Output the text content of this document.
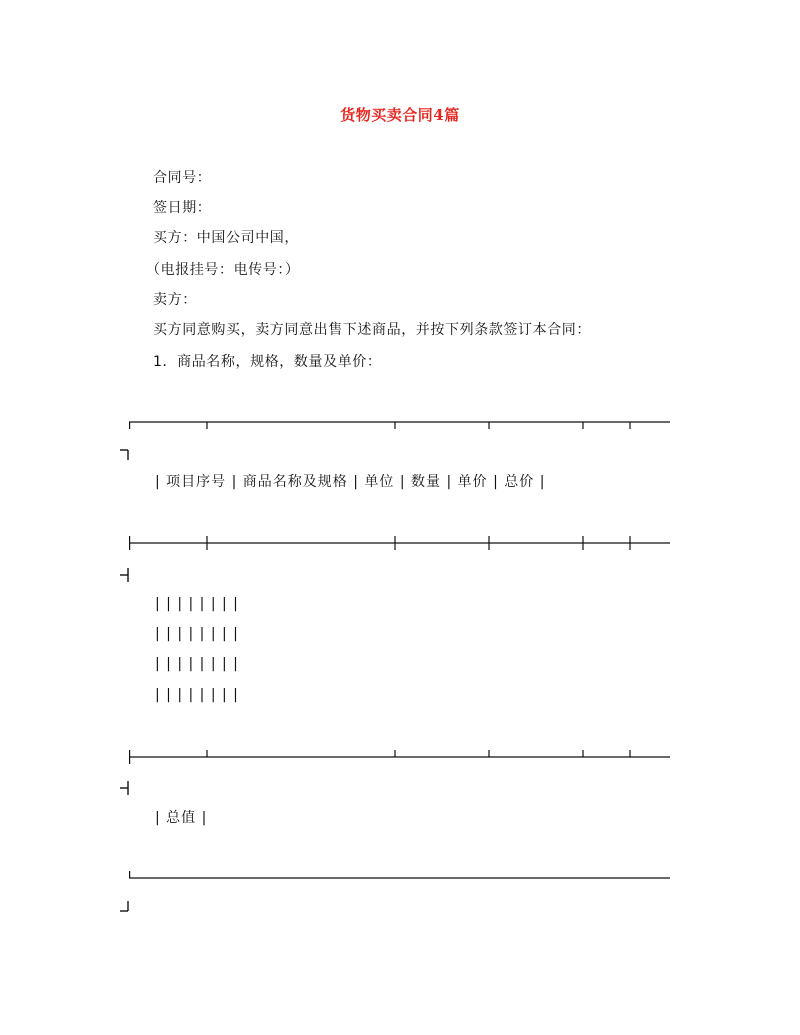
货物买卖合同4篇
合同号：
签日期：
买方：中国公司中国，
（电报挂号：电传号：）
卖方：
买方同意购买，卖方同意出售下述商品，并按下列条款签订本合同：
1．商品名称，规格，数量及单价：
| 项目序号 | 商品名称及规格 | 单位 | 数量 | 单价 | 总价 |
| | | | | | | |
| | | | | | | |
| | | | | | | |
| | | | | | | |
| 总值 |
